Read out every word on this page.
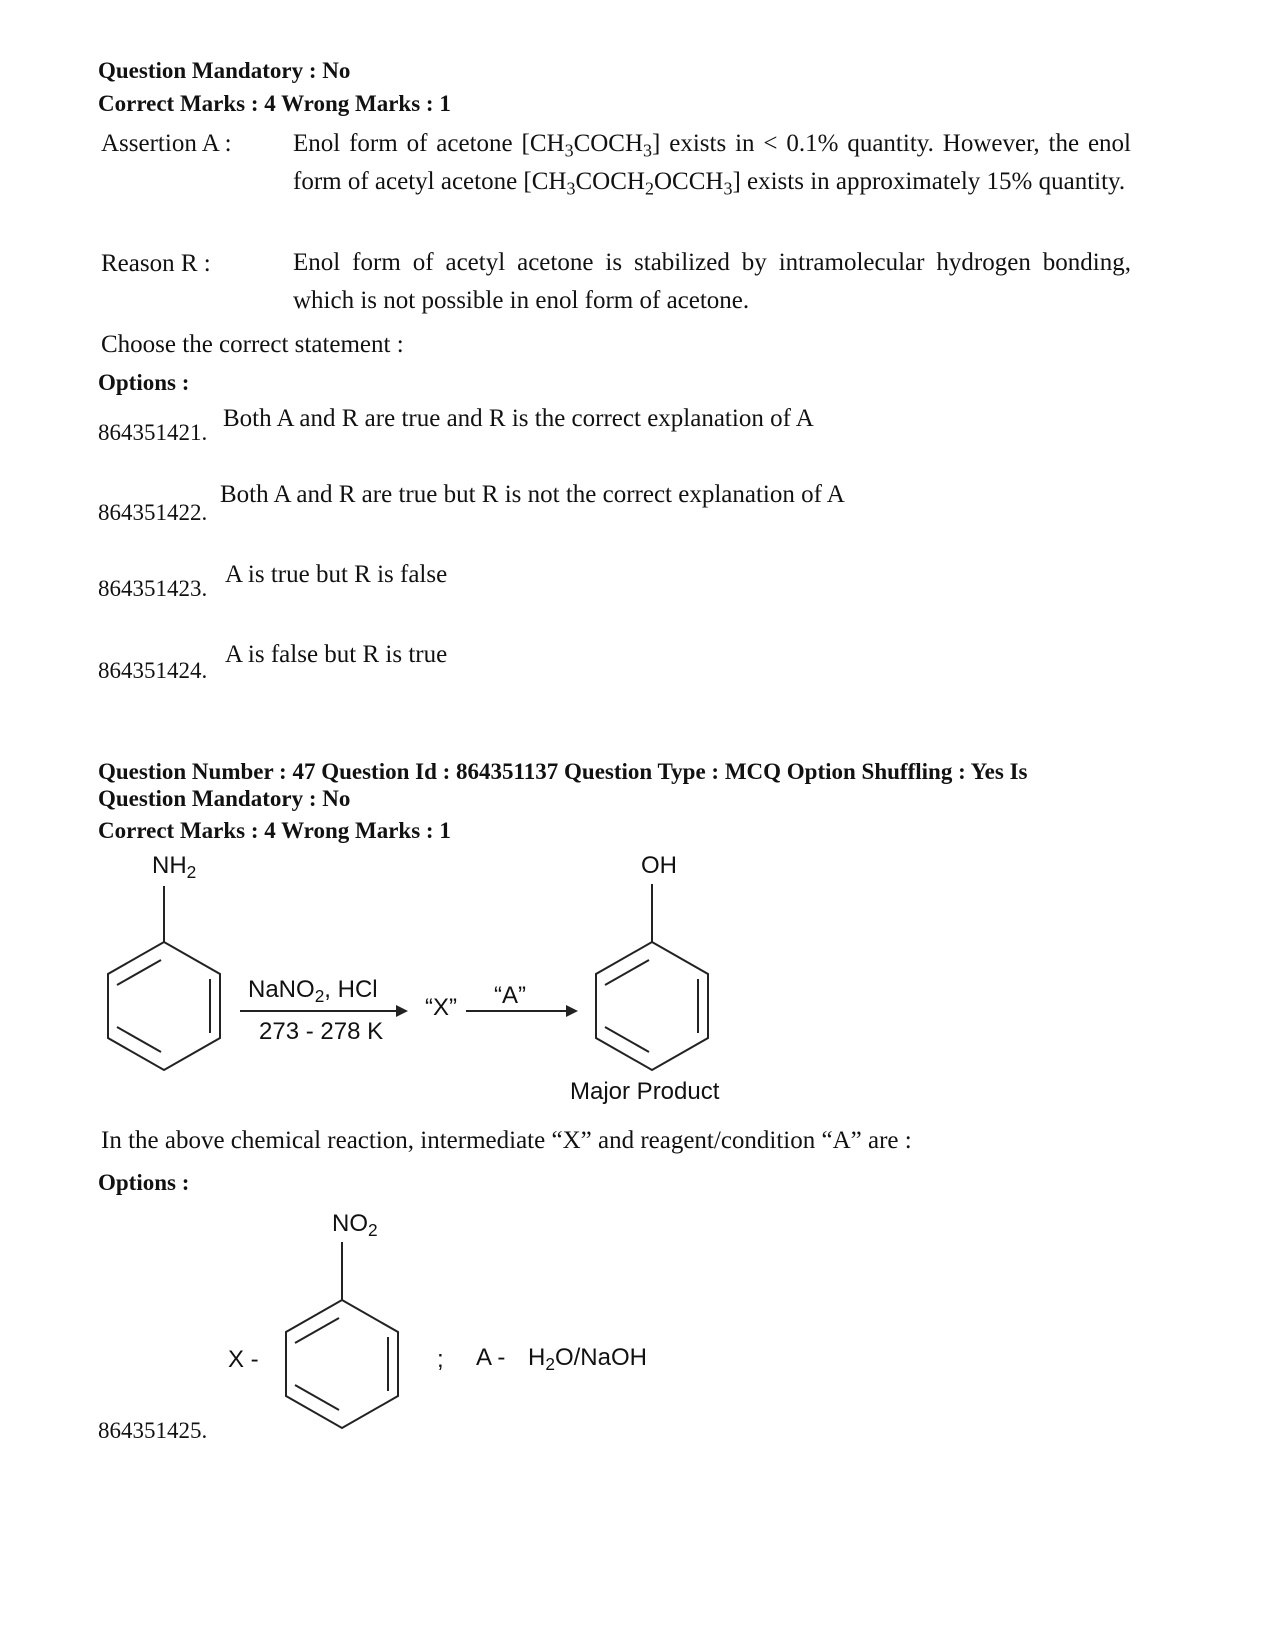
Question Mandatory : No
Correct Marks : 4 Wrong Marks : 1
Assertion A : Enol form of acetone $[CH_3COCH_3]$ exists in < 0.1% quantity. However, the enol form of acetyl acetone $[CH_3COCH_2OCCH_3]$ exists in approximately 15% quantity.
Reason R :	Enol form of acetyl acetone is stabilized by intramolecular hydrogen bonding, which is not possible in enol form of acetone.
Choose the correct statement :
Options :
864351421.
Both A and R are true and R is the correct explanation of A
864351422.
Both A and R are true but R is not the correct explanation of A
864351423.
A is true but R is false
864351424.
A is false but R is true
Question Number : 47 Question Id : 864351137 Question Type : MCQ Option Shuffling : Yes Is
Question Mandatory : No
Correct Marks : 4 Wrong Marks : 1
$NH_2$
NaNO$_2$, HCl
273 - 278 K
“X” “A”
OH
Major Product
In the above chemical reaction, intermediate “X” and reagent/condition “A” are :
Options :
$NO_2$
X -	; A - $H_2O$/NaOH
864351425.
